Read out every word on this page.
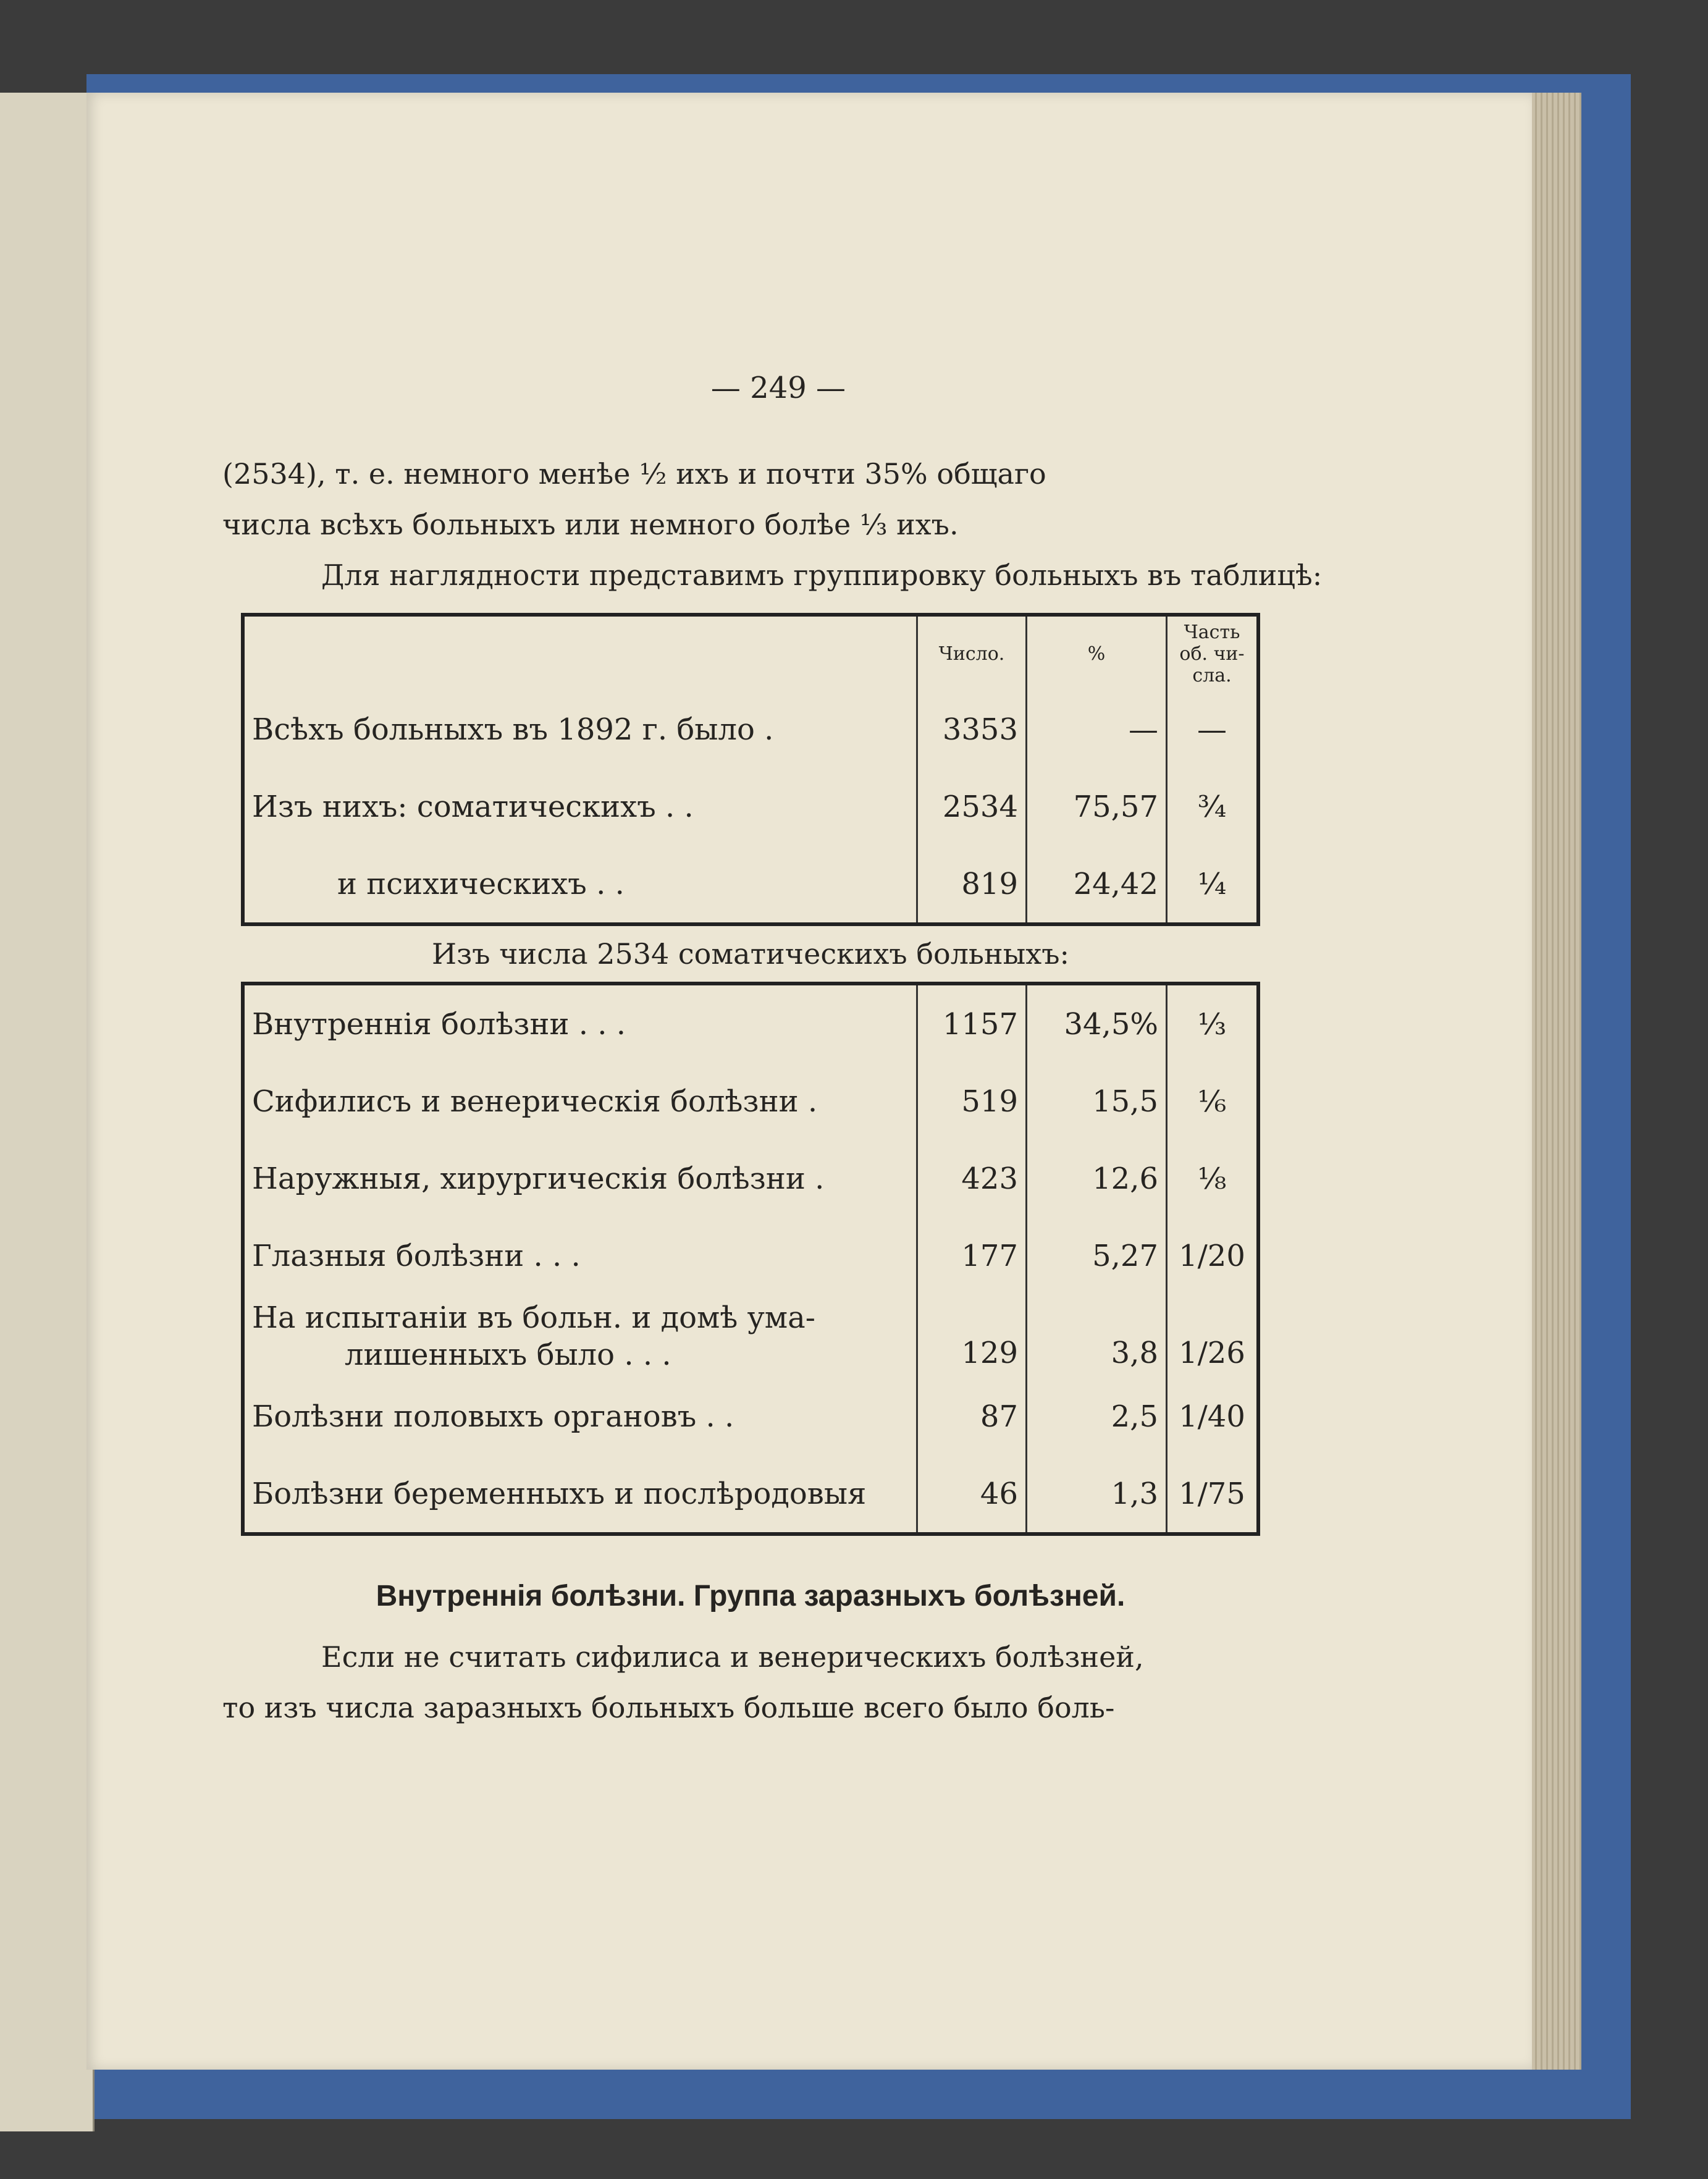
— 249 —

(2534), т. е. немного менѣе ½ ихъ и почти 35% общаго

числа всѣхъ больныхъ или немного болѣе ⅓ ихъ.

Для наглядности представимъ группировку больныхъ въ таблицѣ:

	Число.	%	Часть об. чи-сла.
Всѣхъ больныхъ въ 1892 г. было .	3353	—	—
Изъ нихъ: соматическихъ . .	2534	75,57	¾
и психическихъ . .	819	24,42	¼
Изъ числа 2534 соматическихъ больныхъ:
Внутреннія болѣзни . . .	1157	34,5%	⅓
Сифилисъ и венерическія болѣзни .	519	15,5	⅙
Наружныя, хирургическія болѣзни .	423	12,6	⅛
Глазныя болѣзни . . .	177	5,27	1/20

На испытаніи въ больн. и домѣ ума-
лишенныхъ было . . .	129	3,8	1/26
Болѣзни половыхъ органовъ . .	87	2,5	1/40
Болѣзни беременныхъ и послѣродовыя	46	1,3	1/75
Внутреннія болѣзни. Группа заразныхъ болѣзней.

Если не считать сифилиса и венерическихъ болѣзней,

то изъ числа заразныхъ больныхъ больше всего было боль-
